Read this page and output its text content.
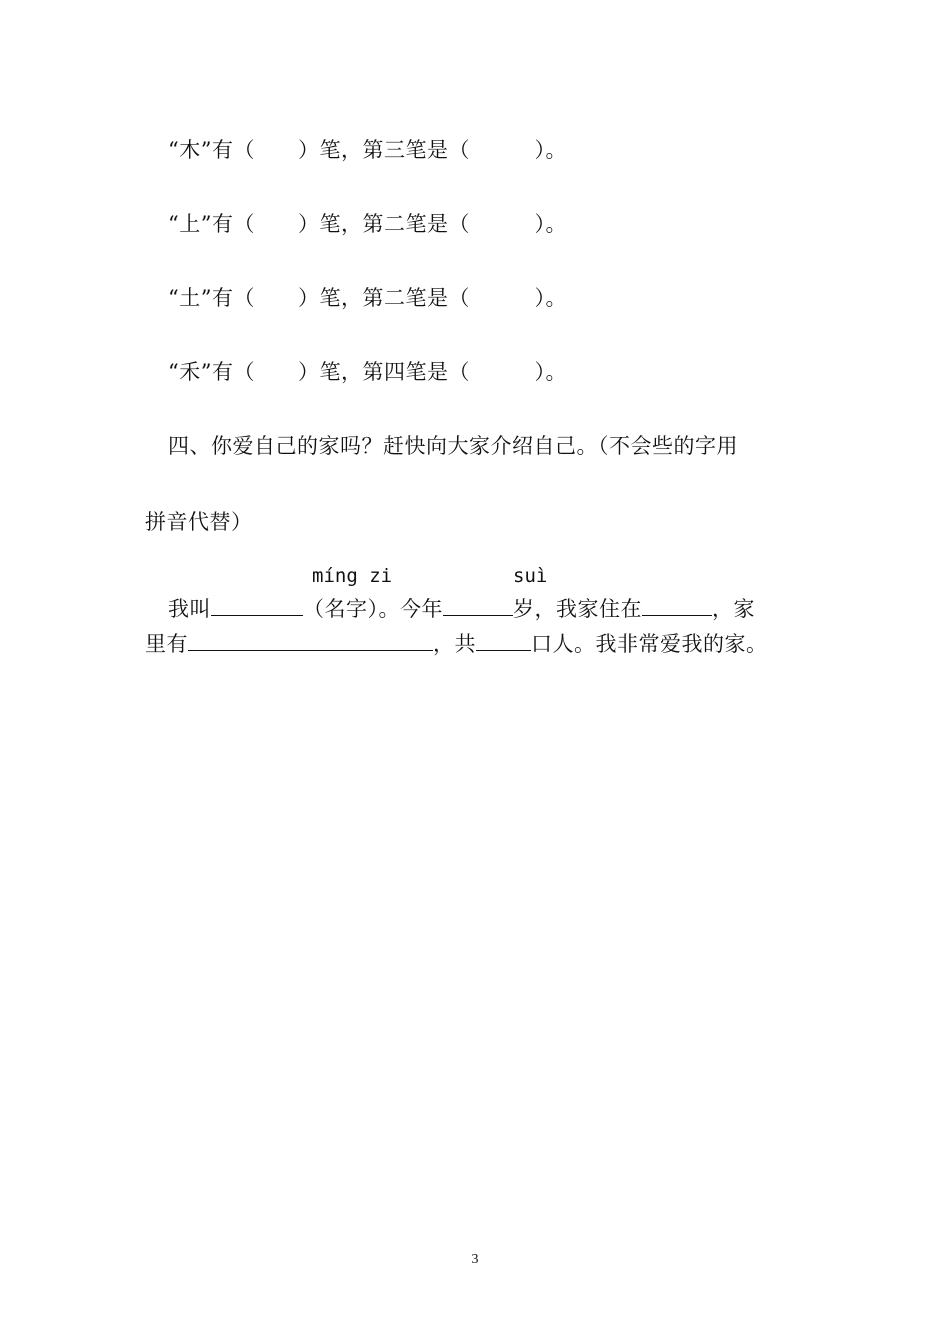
“木”有（　　）笔，第三笔是（　　　）。
“上”有（　　）笔，第二笔是（　　　）。
“土”有（　　）笔，第二笔是（　　　）。
“禾”有（　　）笔，第四笔是（　　　）。
四、你爱自己的家吗？赶快向大家介绍自己。（不会些的字用
拼音代替）
míng zi	suì
我叫	（名字）。今年	岁，我家住在	，家
里有	，共	口人。我非常爱我的家。
3
